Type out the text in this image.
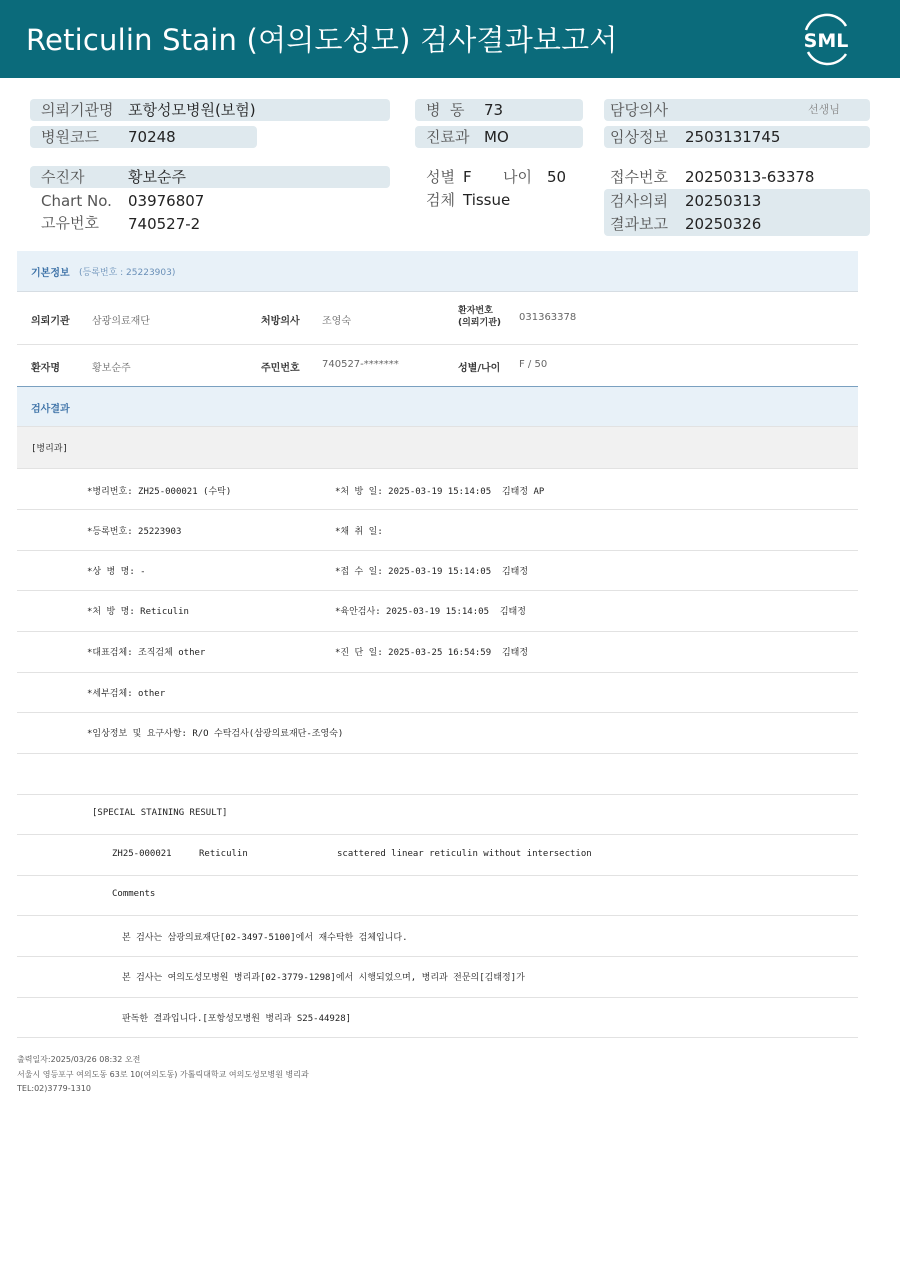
Reticulin Stain (여의도성모) 검사결과보고서	SML
의뢰기관명 포항성모병원(보험)
병원코드 70248
병  동 73
진료과 MO
담당의사	선생님
임상정보 2503131745
수진자	황보순주
Chart No. 03976807
고유번호 740527-2
성별 F 나이 50
검체 Tissue
접수번호 20250313-63378
검사의뢰 20250313
결과보고 20250326
기본정보 (등록번호 : 25223903)
의뢰기관 삼광의료재단	처방의사 조영숙
환자번호
(의뢰기관) 031363378
환자명	황보순주	주민번호 740527-*******	성별/나이 F / 50
검사결과
[병리과]
*병리번호: ZH25-000021 (수탁)	*처 방 일: 2025-03-19 15:14:05  김태정 AP
*등록번호: 25223903	*채 취 일:
*상 병 명: -	*접 수 일: 2025-03-19 15:14:05  김태정
*처 방 명: Reticulin	*육안검사: 2025-03-19 15:14:05  김태정
*대표검체: 조직검체 other	*진 단 일: 2025-03-25 16:54:59  김태정
*세부검체: other
*임상정보 및 요구사항: R/O 수탁검사(삼광의료재단-조영숙)
[SPECIAL STAINING RESULT]
ZH25-000021	Reticulin	scattered linear reticulin without intersection
Comments
본 검사는 삼광의료재단[02-3497-5100]에서 재수탁한 검체입니다.
본 검사는 여의도성모병원 병리과[02-3779-1298]에서 시행되었으며, 병리과 전문의[김태정]가
판독한 결과입니다.[포항성모병원 병리과 S25-44928]
출력일자:2025/03/26 08:32 오전
서울시 영등포구 여의도동 63로 10(여의도동) 가톨릭대학교 여의도성모병원 병리과
TEL:02)3779-1310
